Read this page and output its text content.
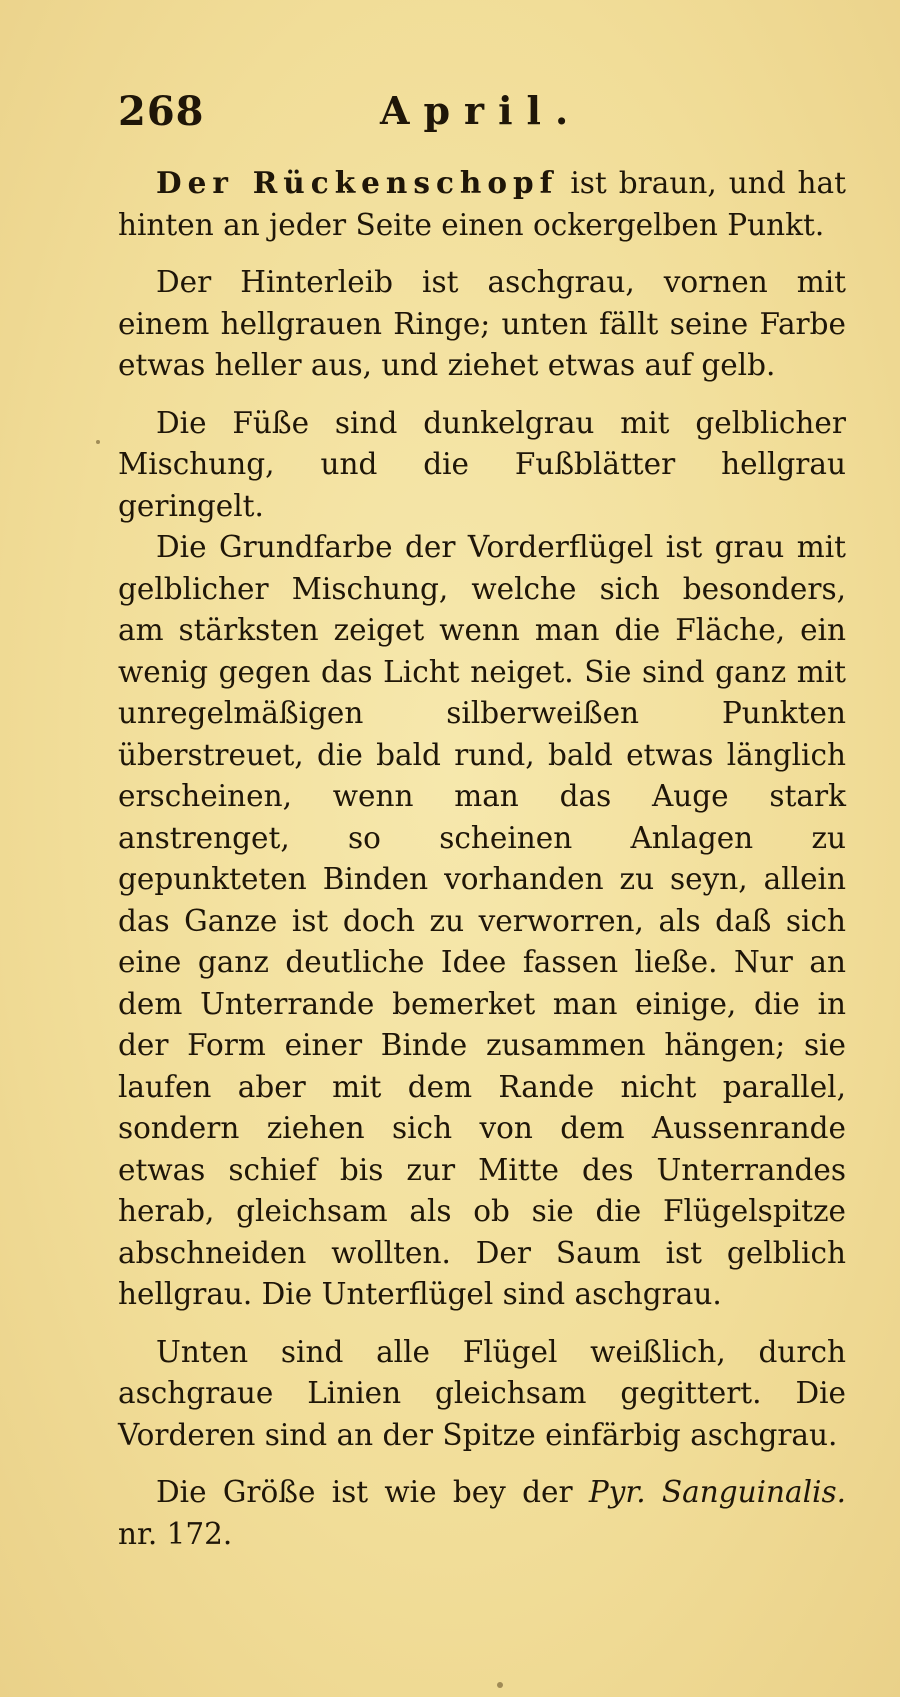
268	April.

Der Rückenschopf ist braun, und hat hinten an jeder Seite einen ockergelben Punkt.

Der Hinterleib ist aschgrau, vornen mit einem hellgrauen Ringe; unten fällt seine Farbe etwas heller aus, und ziehet etwas auf gelb.

Die Füße sind dunkelgrau mit gelblicher Mischung, und die Fußblätter hellgrau geringelt.

Die Grundfarbe der Vorderflügel ist grau mit gelblicher Mischung, welche sich besonders, am stärksten zeiget wenn man die Fläche, ein wenig gegen das Licht neiget. Sie sind ganz mit unregelmäßigen silberweißen Punkten überstreuet, die bald rund, bald etwas länglich erscheinen, wenn man das Auge stark anstrenget, so scheinen Anlagen zu gepunkteten Binden vorhanden zu seyn, allein das Ganze ist doch zu verworren, als daß sich eine ganz deutliche Idee fassen ließe. Nur an dem Unterrande bemerket man einige, die in der Form einer Binde zusammen hängen; sie laufen aber mit dem Rande nicht parallel, sondern ziehen sich von dem Aussenrande etwas schief bis zur Mitte des Unterrandes herab, gleichsam als ob sie die Flügelspitze abschneiden wollten. Der Saum ist gelblich hellgrau. Die Unterflügel sind aschgrau.

Unten sind alle Flügel weißlich, durch aschgraue Linien gleichsam gegittert. Die Vorderen sind an der Spitze einfärbig aschgrau.

Die Größe ist wie bey der Pyr. Sanguinalis. nr. 172.
